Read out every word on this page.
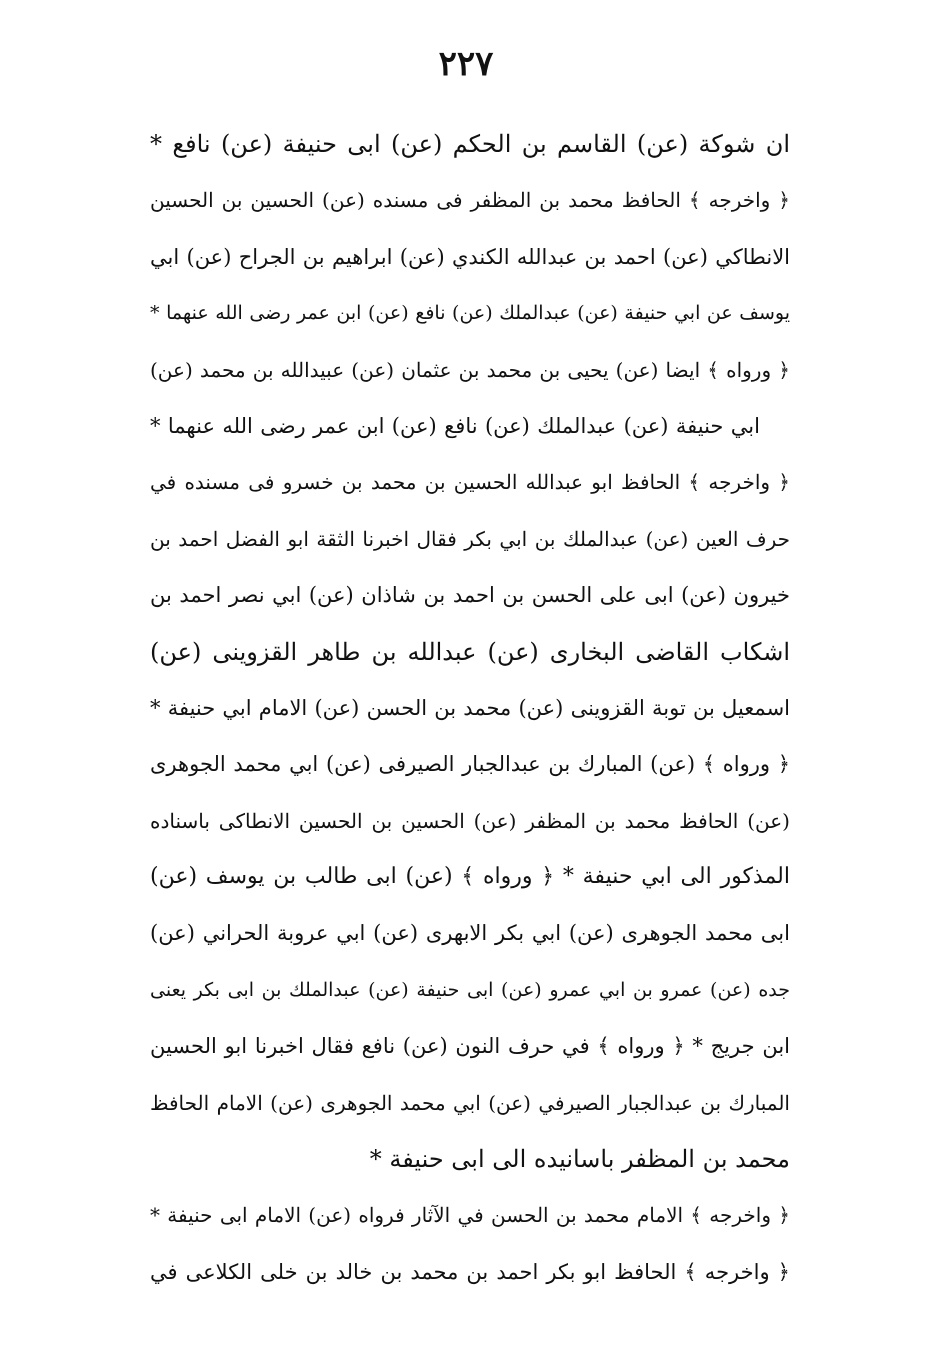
٢٢٧
ان شوكة (عن) القاسم بن الحكم (عن) ابى حنيفة (عن) نافع *
﴿ واخرجه ﴾ الحافظ محمد بن المظفر فى مسنده (عن) الحسين بن الحسين
الانطاكي (عن) احمد بن عبدالله الكندي (عن) ابراهيم بن الجراح (عن) ابي
يوسف عن ابي حنيفة (عن) عبدالملك (عن) نافع (عن) ابن عمر رضى الله عنهما *
﴿ ورواه ﴾ ايضا (عن) يحيى بن محمد بن عثمان (عن) عبيدالله بن محمد (عن)
ابي حنيفة (عن) عبدالملك (عن) نافع (عن) ابن عمر رضى الله عنهما *
﴿ واخرجه ﴾ الحافظ ابو عبدالله الحسين بن محمد بن خسرو فى مسنده في
حرف العين (عن) عبدالملك بن ابي بكر فقال اخبرنا الثقة ابو الفضل احمد بن
خيرون (عن) ابى على الحسن بن احمد بن شاذان (عن) ابي نصر احمد بن
اشكاب القاضى البخارى (عن) عبدالله بن طاهر القزوينى (عن)
اسمعيل بن توبة القزوينى (عن) محمد بن الحسن (عن) الامام ابي حنيفة *
﴿ ورواه ﴾ (عن) المبارك بن عبدالجبار الصيرفى (عن) ابي محمد الجوهرى
(عن) الحافظ محمد بن المظفر (عن) الحسين بن الحسين الانطاكى باسناده
المذكور الى ابي حنيفة * ﴿ ورواه ﴾ (عن) ابى طالب بن يوسف (عن)
ابى محمد الجوهرى (عن) ابي بكر الابهرى (عن) ابي عروبة الحراني (عن)
جده (عن) عمرو بن ابي عمرو (عن) ابى حنيفة (عن) عبدالملك بن ابى بكر يعنى
ابن جريج * ﴿ ورواه ﴾ في حرف النون (عن) نافع فقال اخبرنا ابو الحسين
المبارك بن عبدالجبار الصيرفي (عن) ابي محمد الجوهرى (عن) الامام الحافظ
محمد بن المظفر باسانيده الى ابى حنيفة *
﴿ واخرجه ﴾ الامام محمد بن الحسن في الآثار فرواه (عن) الامام ابى حنيفة *
﴿ واخرجه ﴾ الحافظ ابو بكر احمد بن محمد بن خالد بن خلى الكلاعى في
